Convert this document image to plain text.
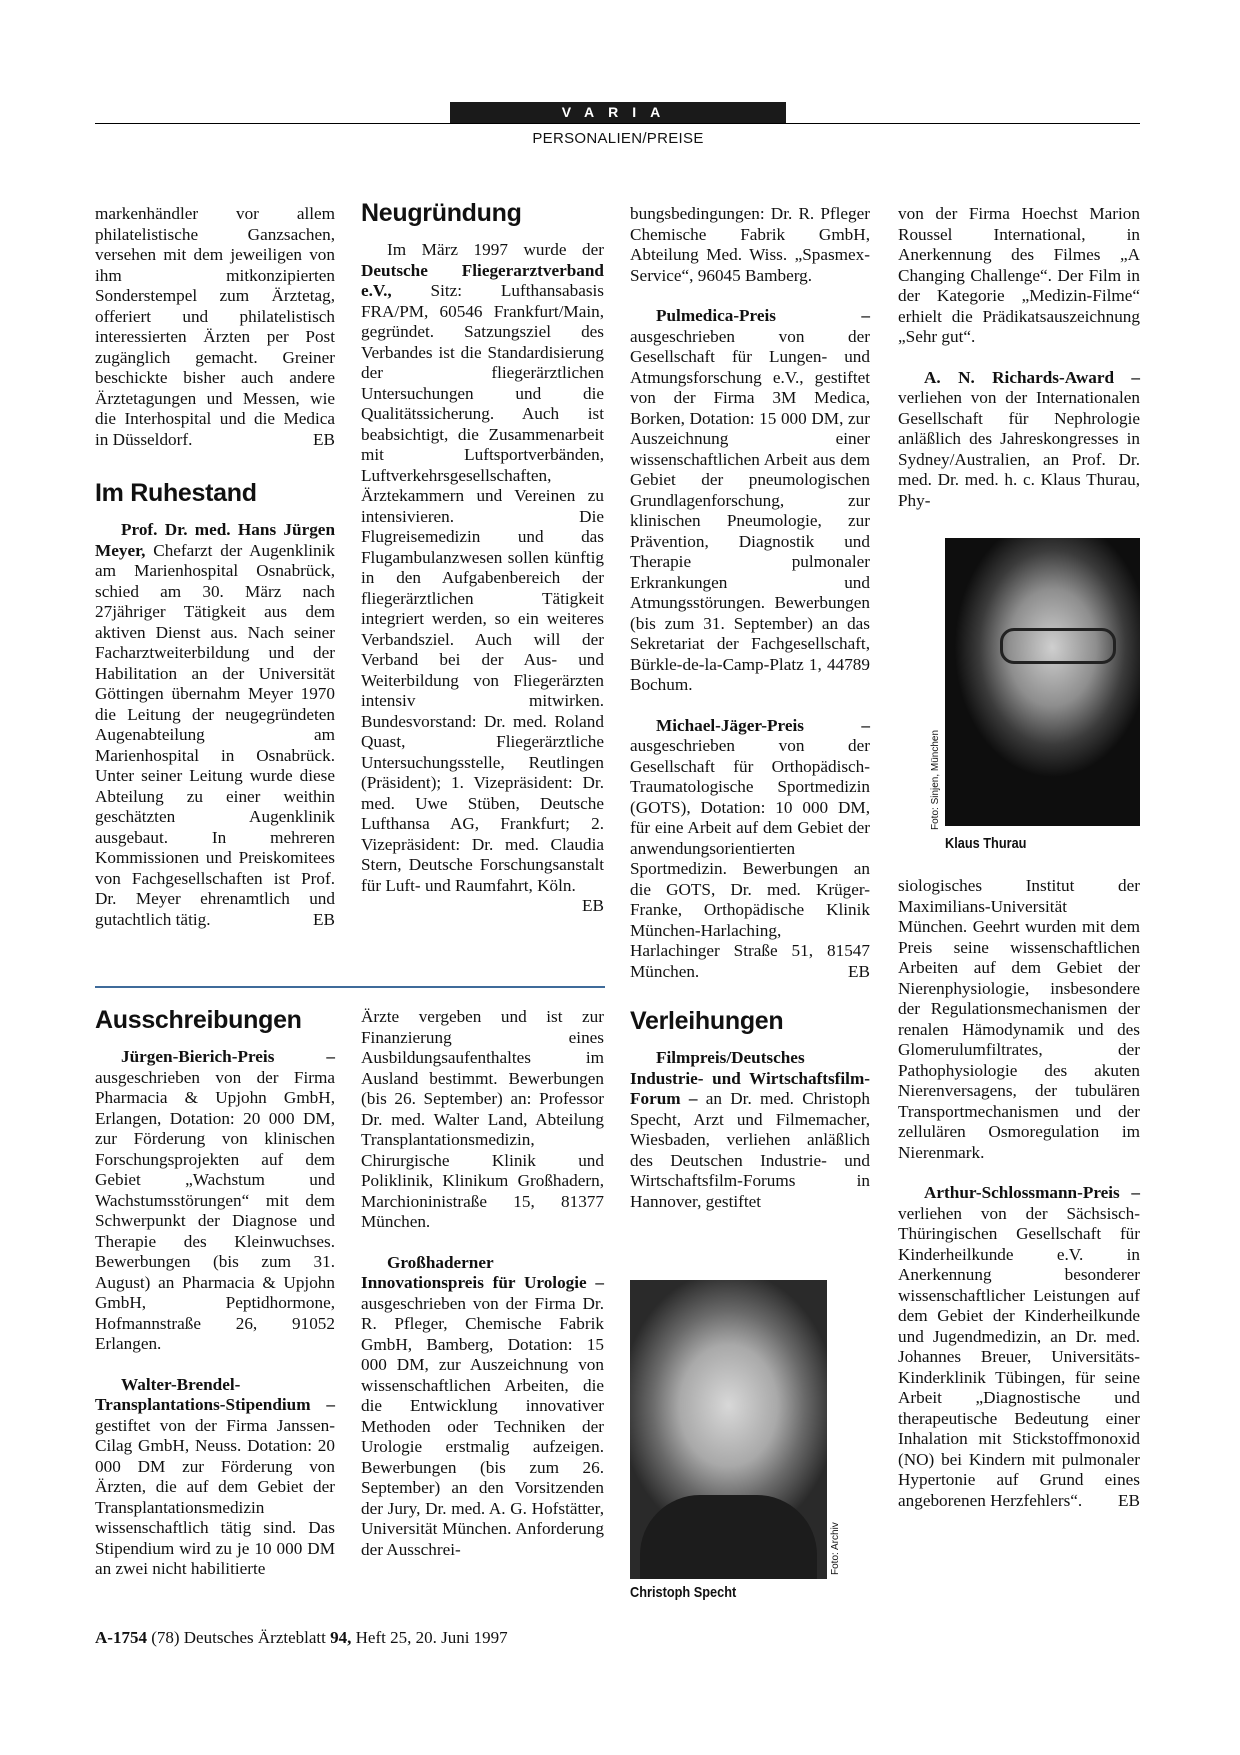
VARIA
PERSONALIEN/PREISE

markenhändler vor allem philatelistische Ganzsachen, versehen mit dem jeweiligen von ihm mitkonzipierten Sonderstempel zum Ärztetag, offeriert und philatelistisch interessierten Ärzten per Post zugänglich gemacht. Greiner beschickte bisher auch andere Ärztetagungen und Messen, wie die Interhospital und die Medica in Düsseldorf.	EB

Im Ruhestand

Prof. Dr. med. Hans Jürgen Meyer, Chefarzt der Augenklinik am Marienhospital Osnabrück, schied am 30. März nach 27jähriger Tätigkeit aus dem aktiven Dienst aus. Nach seiner Facharztweiterbildung und der Habilitation an der Universität Göttingen übernahm Meyer 1970 die Leitung der neugegründeten Augenabteilung am Marienhospital in Osnabrück. Unter seiner Leitung wurde diese Abteilung zu einer weithin geschätzten Augenklinik ausgebaut. In mehreren Kommissionen und Preiskomitees von Fachgesellschaften ist Prof. Dr. Meyer ehrenamtlich und gutachtlich tätig.	EB

Neugründung

Im März 1997 wurde der Deutsche Fliegerarztverband e.V., Sitz: Lufthansabasis FRA/PM, 60546 Frankfurt/Main, gegründet. Satzungsziel des Verbandes ist die Standardisierung der fliegerärztlichen Untersuchungen und die Qualitätssicherung. Auch ist beabsichtigt, die Zusammenarbeit mit Luftsportverbänden, Luftverkehrsgesellschaften, Ärztekammern und Vereinen zu intensivieren. Die Flugreisemedizin und das Flugambulanzwesen sollen künftig in den Aufgabenbereich der fliegerärztlichen Tätigkeit integriert werden, so ein weiteres Verbandsziel. Auch will der Verband bei der Aus- und Weiterbildung von Fliegerärzten intensiv mitwirken. Bundesvorstand: Dr. med. Roland Quast, Fliegerärztliche Untersuchungsstelle, Reutlingen (Präsident); 1. Vizepräsident: Dr. med. Uwe Stüben, Deutsche Lufthansa AG, Frankfurt; 2. Vizepräsident: Dr. med. Claudia Stern, Deutsche Forschungsanstalt für Luft- und Raumfahrt, Köln.
EB

Ausschreibungen

Jürgen-Bierich-Preis – ausgeschrieben von der Firma Pharmacia & Upjohn GmbH, Erlangen, Dotation: 20 000 DM, zur Förderung von klinischen Forschungsprojekten auf dem Gebiet „Wachstum und Wachstumsstörungen“ mit dem Schwerpunkt der Diagnose und Therapie des Kleinwuchses. Bewerbungen (bis zum 31. August) an Pharmacia & Upjohn GmbH, Peptidhormone, Hofmannstraße 26, 91052 Erlangen.

Walter-Brendel-Transplantations-Stipendium – gestiftet von der Firma Janssen-Cilag GmbH, Neuss. Dotation: 20 000 DM zur Förderung von Ärzten, die auf dem Gebiet der Transplantationsmedizin wissenschaftlich tätig sind. Das Stipendium wird zu je 10 000 DM an zwei nicht habilitierte

Ärzte vergeben und ist zur Finanzierung eines Ausbildungsaufenthaltes im Ausland bestimmt. Bewerbungen (bis 26. September) an: Professor Dr. med. Walter Land, Abteilung Transplantationsmedizin, Chirurgische Klinik und Poliklinik, Klinikum Großhadern, Marchioninistraße 15, 81377 München.

Großhaderner Innovationspreis für Urologie – ausgeschrieben von der Firma Dr. R. Pfleger, Chemische Fabrik GmbH, Bamberg, Dotation: 15 000 DM, zur Auszeichnung von wissenschaftlichen Arbeiten, die die Entwicklung innovativer Methoden oder Techniken der Urologie erstmalig aufzeigen. Bewerbungen (bis zum 26. September) an den Vorsitzenden der Jury, Dr. med. A. G. Hofstätter, Universität München. Anforderung der Ausschrei-

bungsbedingungen: Dr. R. Pfleger Chemische Fabrik GmbH, Abteilung Med. Wiss. „Spasmex-Service“, 96045 Bamberg.

Pulmedica-Preis – ausgeschrieben von der Gesellschaft für Lungen- und Atmungsforschung e.V., gestiftet von der Firma 3M Medica, Borken, Dotation: 15 000 DM, zur Auszeichnung einer wissenschaftlichen Arbeit aus dem Gebiet der pneumologischen Grundlagenforschung, zur klinischen Pneumologie, zur Prävention, Diagnostik und Therapie pulmonaler Erkrankungen und Atmungsstörungen. Bewerbungen (bis zum 31. September) an das Sekretariat der Fachgesellschaft, Bürkle-de-la-Camp-Platz 1, 44789 Bochum.

Michael-Jäger-Preis – ausgeschrieben von der Gesellschaft für Orthopädisch-Traumatologische Sportmedizin (GOTS), Dotation: 10 000 DM, für eine Arbeit auf dem Gebiet der anwendungsorientierten Sportmedizin. Bewerbungen an die GOTS, Dr. med. Krüger-Franke, Orthopädische Klinik München-Harlaching, Harlachinger Straße 51, 81547 München.	EB

Verleihungen

Filmpreis/Deutsches Industrie- und Wirtschaftsfilm-Forum – an Dr. med. Christoph Specht, Arzt und Filmemacher, Wiesbaden, verliehen anläßlich des Deutschen Industrie- und Wirtschaftsfilm-Forums in Hannover, gestiftet

Foto: Archiv
Christoph Specht

von der Firma Hoechst Marion Roussel International, in Anerkennung des Filmes „A Changing Challenge“. Der Film in der Kategorie „Medizin-Filme“ erhielt die Prädikatsauszeichnung „Sehr gut“.

A. N. Richards-Award – verliehen von der Internationalen Gesellschaft für Nephrologie anläßlich des Jahreskongresses in Sydney/Australien, an Prof. Dr. med. Dr. med. h. c. Klaus Thurau, Phy-

Foto: Sinjen, München
Klaus Thurau

siologisches Institut der Maximilians-Universität München. Geehrt wurden mit dem Preis seine wissenschaftlichen Arbeiten auf dem Gebiet der Nierenphysiologie, insbesondere der Regulationsmechanismen der renalen Hämodynamik und des Glomerulumfiltrates, der Pathophysiologie des akuten Nierenversagens, der tubulären Transportmechanismen und der zellulären Osmoregulation im Nierenmark.

Arthur-Schlossmann-Preis – verliehen von der Sächsisch-Thüringischen Gesellschaft für Kinderheilkunde e.V. in Anerkennung besonderer wissenschaftlicher Leistungen auf dem Gebiet der Kinderheilkunde und Jugendmedizin, an Dr. med. Johannes Breuer, Universitäts-Kinderklinik Tübingen, für seine Arbeit „Diagnostische und therapeutische Bedeutung einer Inhalation mit Stickstoffmonoxid (NO) bei Kindern mit pulmonaler Hypertonie auf Grund eines angeborenen Herzfehlers“.	EB

A-1754 (78) Deutsches Ärzteblatt 94, Heft 25, 20. Juni 1997
